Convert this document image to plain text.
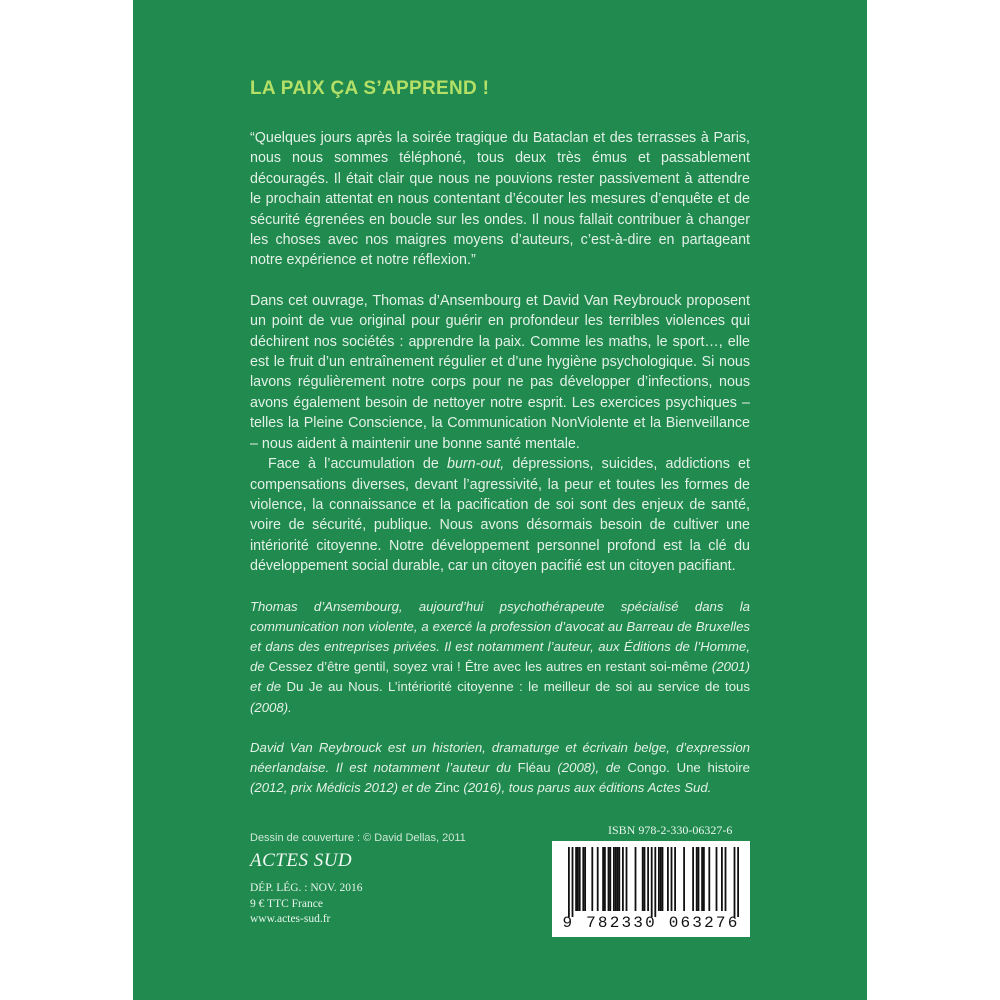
LA PAIX ÇA S’APPREND !

“Quelques jours après la soirée tragique du Bataclan et des terrasses à Paris, nous nous sommes téléphoné, tous deux très émus et passablement découragés. Il était clair que nous ne pouvions rester passivement à attendre le prochain attentat en nous contentant d’écouter les mesures d’enquête et de sécurité égrenées en boucle sur les ondes. Il nous fallait contribuer à changer les choses avec nos maigres moyens d’auteurs, c’est-à-dire en partageant notre expérience et notre réflexion.”

Dans cet ouvrage, Thomas d’Ansembourg et David Van Reybrouck proposent un point de vue original pour guérir en profondeur les terribles violences qui déchirent nos sociétés : apprendre la paix. Comme les maths, le sport…, elle est le fruit d’un entraînement régulier et d’une hygiène psychologique. Si nous lavons régulièrement notre corps pour ne pas développer d’infections, nous avons également besoin de nettoyer notre esprit. Les exercices psychiques – telles la Pleine Conscience, la Communication NonViolente et la Bienveillance – nous aident à maintenir une bonne santé mentale.

Face à l’accumulation de burn-out, dépressions, suicides, addictions et compensations diverses, devant l’agressivité, la peur et toutes les formes de violence, la connaissance et la pacification de soi sont des enjeux de santé, voire de sécurité, publique. Nous avons désormais besoin de cultiver une intériorité citoyenne. Notre développement personnel profond est la clé du développement social durable, car un citoyen pacifié est un citoyen pacifiant.

Thomas d’Ansembourg, aujourd’hui psychothérapeute spécialisé dans la communication non violente, a exercé la profession d’avocat au Barreau de Bruxelles et dans des entreprises privées. Il est notamment l’auteur, aux Éditions de l’Homme, de Cessez d’être gentil, soyez vrai ! Être avec les autres en restant soi-même (2001) et de Du Je au Nous. L’intériorité citoyenne : le meilleur de soi au service de tous (2008).

David Van Reybrouck est un historien, dramaturge et écrivain belge, d’expression néerlandaise. Il est notamment l’auteur du Fléau (2008), de Congo. Une histoire (2012, prix Médicis 2012) et de Zinc (2016), tous parus aux éditions Actes Sud.

Dessin de couverture : © David Dellas, 2011
ACTES SUD
DÉP. LÉG. : NOV. 2016
9 € TTC France
www.actes-sud.fr
ISBN 978-2-330-06327-6
9 782330 063276
